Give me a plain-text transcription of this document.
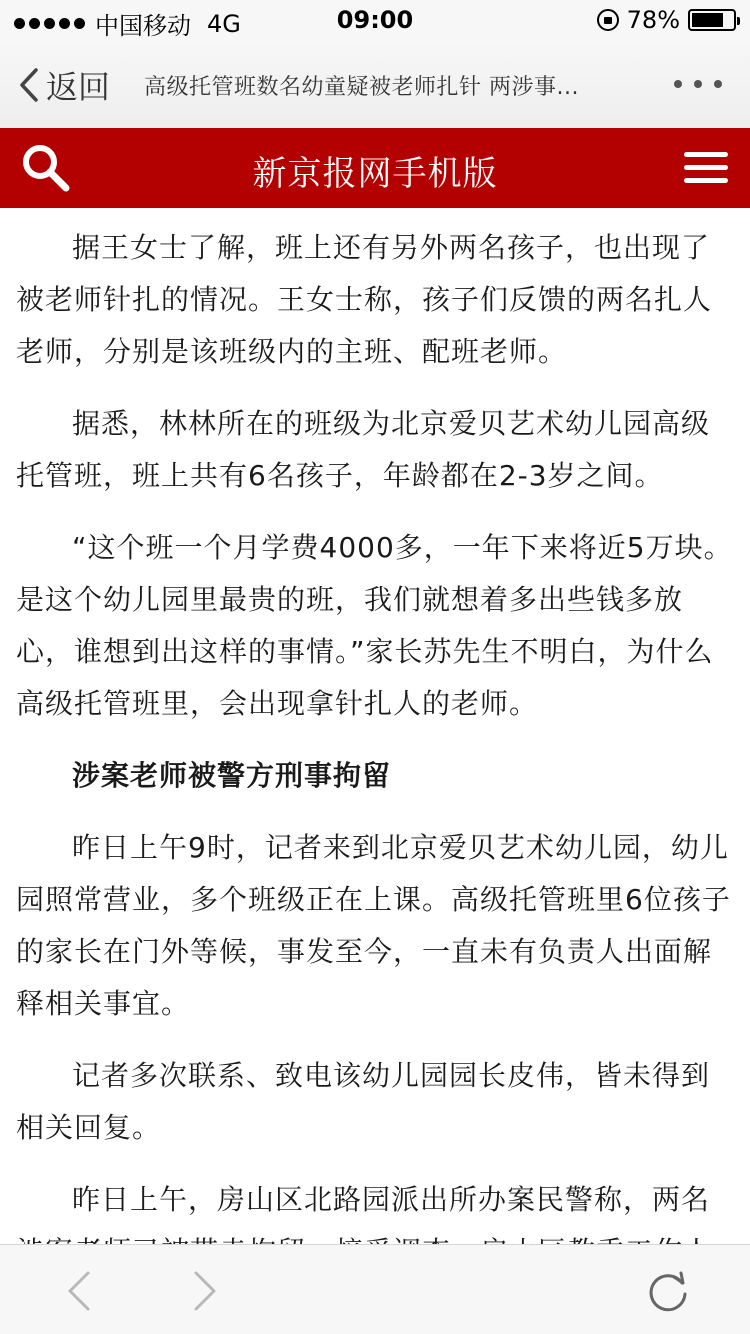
中国移动 4G	09:00	78%
返回 高级托管班数名幼童疑被老师扎针 两涉事...
新京报网手机版

据王女士了解，班上还有另外两名孩子，也出现了被老师针扎的情况。王女士称，孩子们反馈的两名扎人老师，分别是该班级内的主班、配班老师。

据悉，林林所在的班级为北京爱贝艺术幼儿园高级托管班，班上共有6名孩子，年龄都在2-3岁之间。

“这个班一个月学费4000多，一年下来将近5万块。是这个幼儿园里最贵的班，我们就想着多出些钱多放心，谁想到出这样的事情。”家长苏先生不明白，为什么高级托管班里，会出现拿针扎人的老师。

涉案老师被警方刑事拘留

昨日上午9时，记者来到北京爱贝艺术幼儿园，幼儿园照常营业，多个班级正在上课。高级托管班里6位孩子的家长在门外等候，事发至今，一直未有负责人出面解释相关事宜。

记者多次联系、致电该幼儿园园长皮伟，皆未得到相关回复。

昨日上午，房山区北路园派出所办案民警称，两名
